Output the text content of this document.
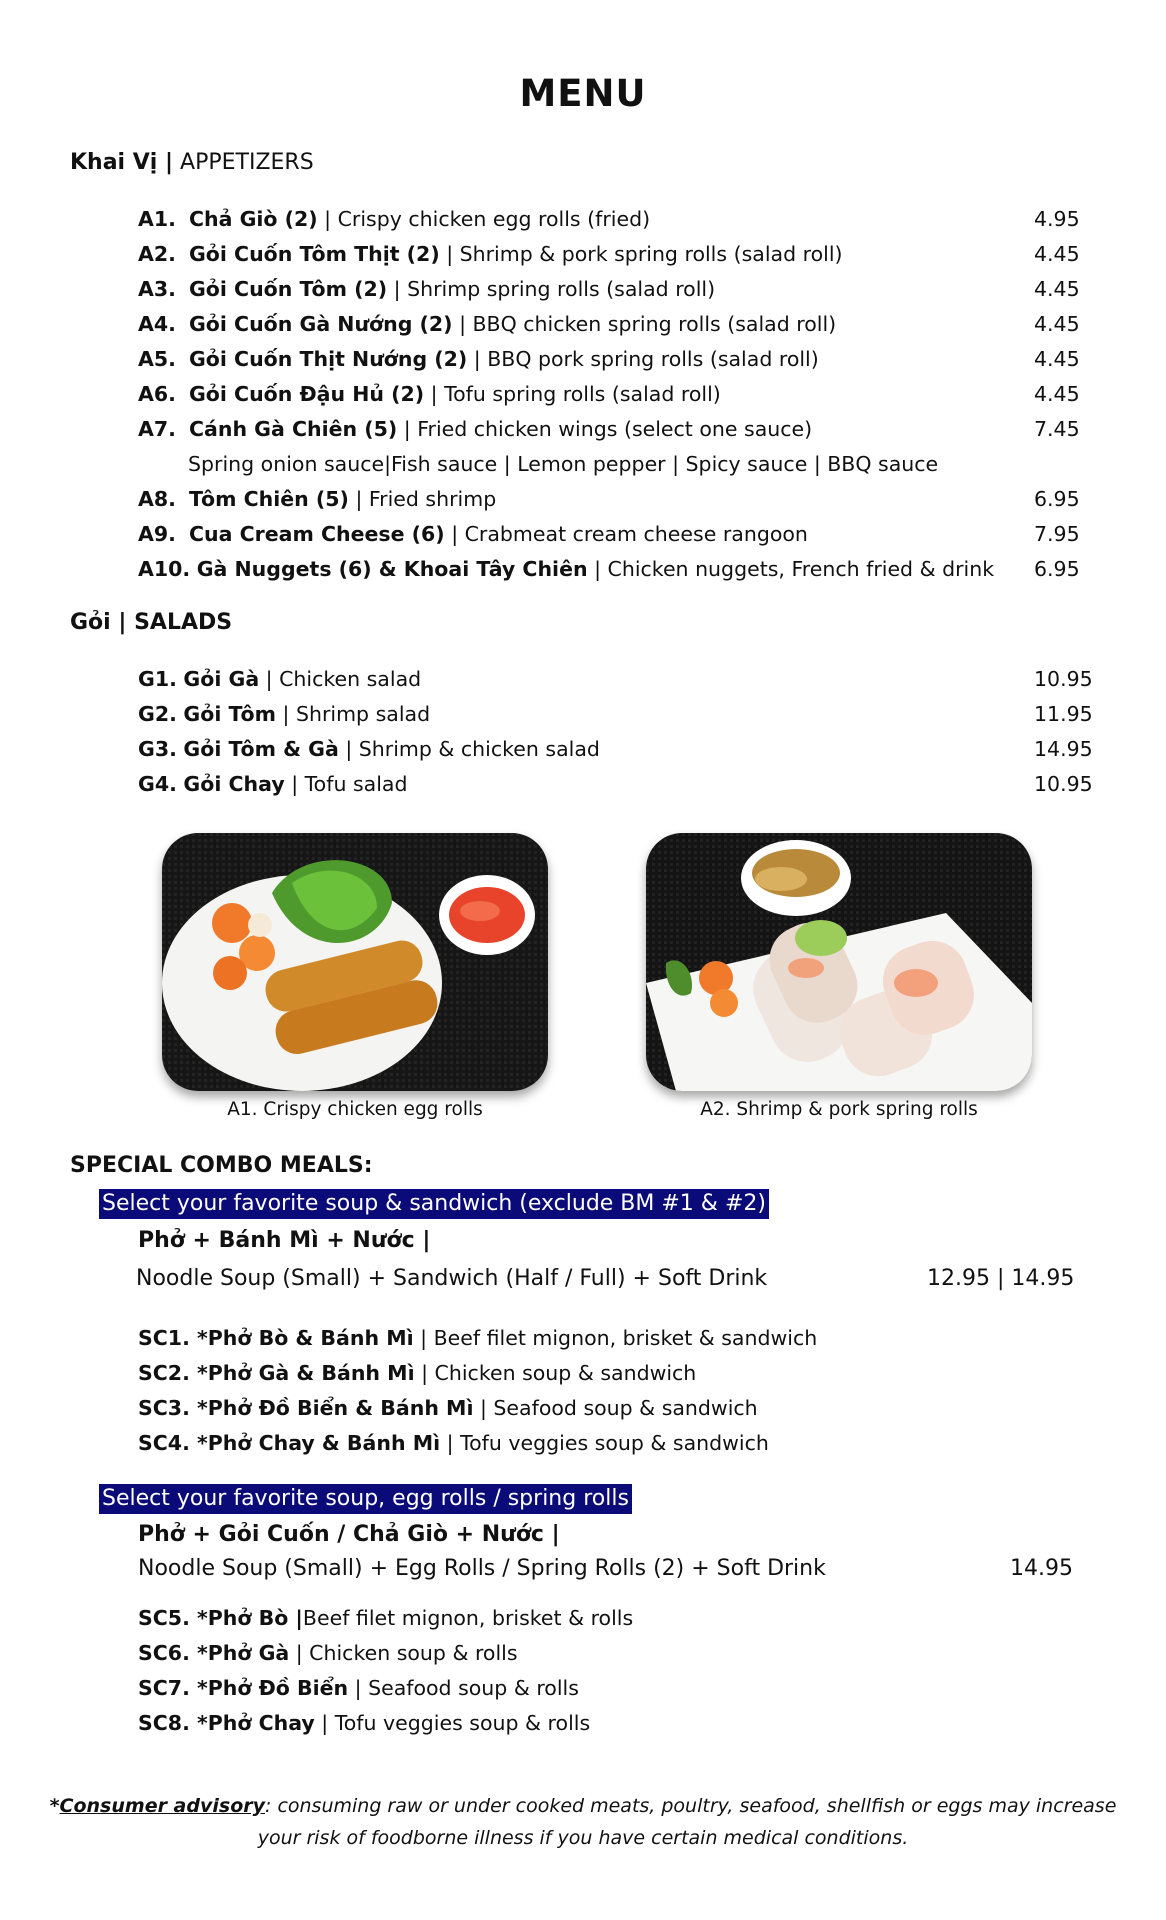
MENU
Khai Vị | APPETIZERS
A1. Chả Giò (2) | Crispy chicken egg rolls (fried)	4.95
A2. Gỏi Cuốn Tôm Thịt (2) | Shrimp & pork spring rolls (salad roll)	4.45
A3. Gỏi Cuốn Tôm (2) | Shrimp spring rolls (salad roll)	4.45
A4. Gỏi Cuốn Gà Nướng (2) | BBQ chicken spring rolls (salad roll)	4.45
A5. Gỏi Cuốn Thịt Nướng (2) | BBQ pork spring rolls (salad roll)	4.45
A6. Gỏi Cuốn Đậu Hủ (2) | Tofu spring rolls (salad roll)	4.45
A7. Cánh Gà Chiên (5) | Fried chicken wings (select one sauce)	7.45
Spring onion sauce|Fish sauce | Lemon pepper | Spicy sauce | BBQ sauce
A8. Tôm Chiên (5) | Fried shrimp	6.95
A9. Cua Cream Cheese (6) | Crabmeat cream cheese rangoon	7.95
A10. Gà Nuggets (6) & Khoai Tây Chiên | Chicken nuggets, French fried & drink 6.95
Gỏi | SALADS
G1. Gỏi Gà | Chicken salad	10.95
G2. Gỏi Tôm | Shrimp salad	11.95
G3. Gỏi Tôm & Gà | Shrimp & chicken salad	14.95
G4. Gỏi Chay | Tofu salad	10.95
A1. Crispy chicken egg rolls	A2. Shrimp & pork spring rolls
SPECIAL COMBO MEALS:
Select your favorite soup & sandwich (exclude BM #1 & #2)
Phở + Bánh Mì + Nước |
Noodle Soup (Small) + Sandwich (Half / Full) + Soft Drink	12.95 | 14.95
SC1. *Phở Bò & Bánh Mì | Beef filet mignon, brisket & sandwich
SC2. *Phở Gà & Bánh Mì | Chicken soup & sandwich
SC3. *Phở Đồ Biển & Bánh Mì | Seafood soup & sandwich
SC4. *Phở Chay & Bánh Mì | Tofu veggies soup & sandwich
Select your favorite soup, egg rolls / spring rolls
Phở + Gỏi Cuốn / Chả Giò + Nước |
Noodle Soup (Small) + Egg Rolls / Spring Rolls (2) + Soft Drink	14.95
SC5. *Phở Bò |Beef filet mignon, brisket & rolls
SC6. *Phở Gà | Chicken soup & rolls
SC7. *Phở Đồ Biển | Seafood soup & rolls
SC8. *Phở Chay | Tofu veggies soup & rolls
*Consumer advisory: consuming raw or under cooked meats, poultry, seafood, shellfish or eggs may increase
your risk of foodborne illness if you have certain medical conditions.
